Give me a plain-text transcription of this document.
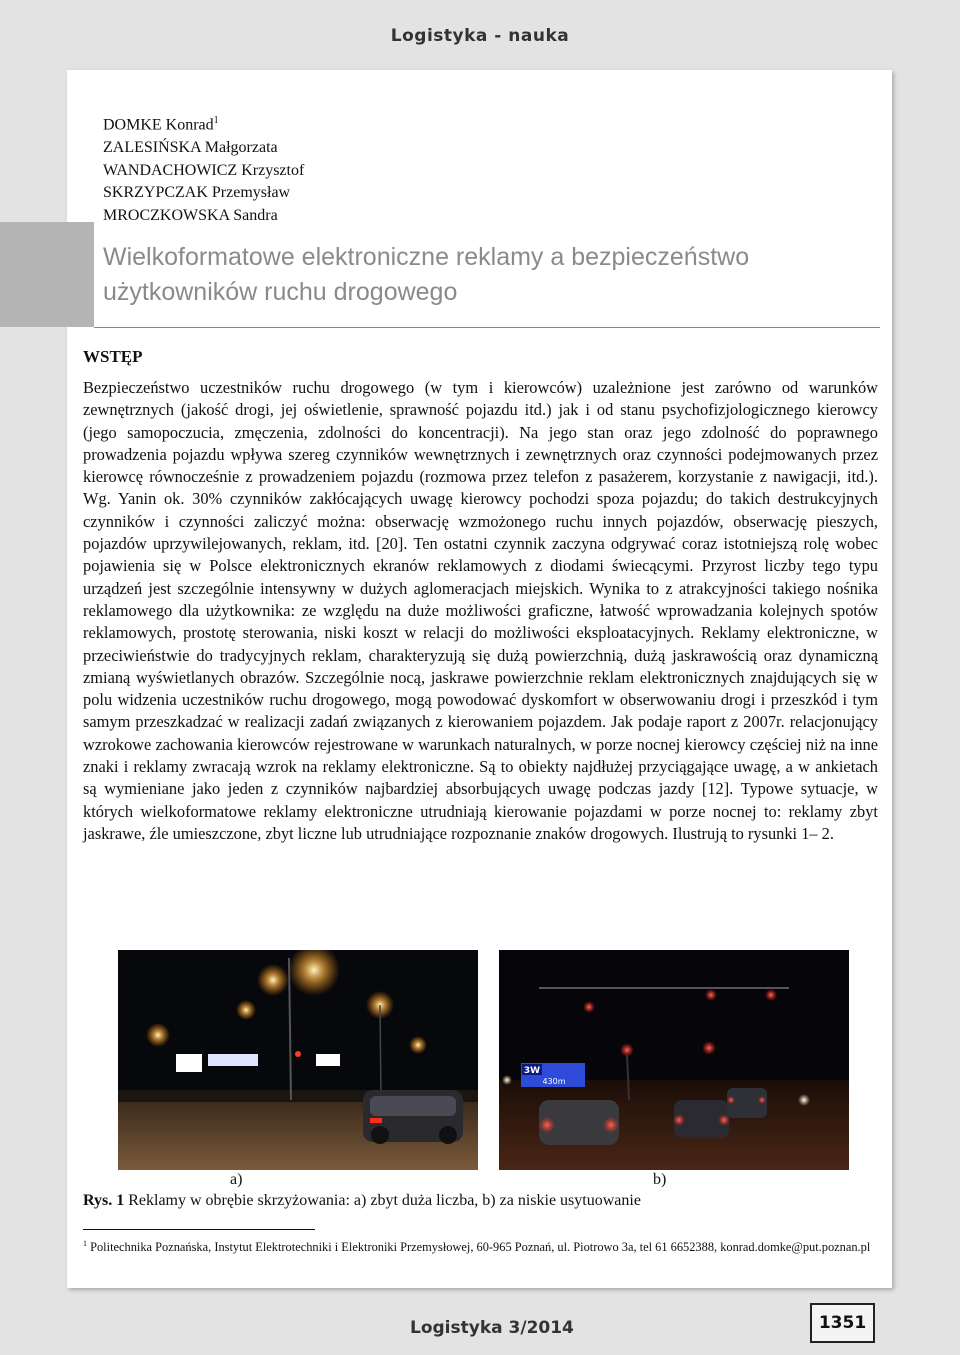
Logistyka - nauka
DOMKE Konrad$^1$
ZALESIŃSKA Małgorzata
WANDACHOWICZ Krzysztof
SKRZYPCZAK Przemysław
MROCZKOWSKA Sandra
Wielkoformatowe elektroniczne reklamy a bezpieczeństwo użytkowników ruchu drogowego
WSTĘP

Bezpieczeństwo uczestników ruchu drogowego (w tym i kierowców) uzależnione jest zarówno od warunków zewnętrznych (jakość drogi, jej oświetlenie, sprawność pojazdu itd.) jak i od stanu psychofizjologicznego kierowcy (jego samopoczucia, zmęczenia, zdolności do koncentracji). Na jego stan oraz jego zdolność do poprawnego prowadzenia pojazdu wpływa szereg czynników wewnętrznych i zewnętrznych oraz czynności podejmowanych przez kierowcę równocześnie z prowadzeniem pojazdu (rozmowa przez telefon z pasażerem, korzystanie z nawigacji, itd.). Wg. Yanin ok. 30% czynników zakłócających uwagę kierowcy pochodzi spoza pojazdu; do takich destrukcyjnych czynników i czynności zaliczyć można: obserwację wzmożonego ruchu innych pojazdów, obserwację pieszych, pojazdów uprzywilejowanych, reklam, itd. [20]. Ten ostatni czynnik zaczyna odgrywać coraz istotniejszą rolę wobec pojawienia się w Polsce elektronicznych ekranów reklamowych z diodami świecącymi. Przyrost liczby tego typu urządzeń jest szczególnie intensywny w dużych aglomeracjach miejskich. Wynika to z atrakcyjności takiego nośnika reklamowego dla użytkownika: ze względu na duże możliwości graficzne, łatwość wprowadzania kolejnych spotów reklamowych, prostotę sterowania, niski koszt w relacji do możliwości eksploatacyjnych. Reklamy elektroniczne, w przeciwieństwie do tradycyjnych reklam, charakteryzują się dużą powierzchnią, dużą jaskrawością oraz dynamiczną zmianą wyświetlanych obrazów. Szczególnie nocą, jaskrawe powierzchnie reklam elektronicznych znajdujących się w polu widzenia uczestników ruchu drogowego, mogą powodować dyskomfort w obserwowaniu drogi i przeszkód i tym samym przeszkadzać w realizacji zadań związanych z kierowaniem pojazdem. Jak podaje raport z 2007r. relacjonujący wzrokowe zachowania kierowców rejestrowane w warunkach naturalnych, w porze nocnej kierowcy częściej niż na inne znaki i reklamy zwracają wzrok na reklamy elektroniczne. Są to obiekty najdłużej przyciągające uwagę, a w ankietach są wymieniane jako jeden z czynników najbardziej absorbujących uwagę podczas jazdy [12]. Typowe sytuacje, w których wielkoformatowe reklamy elektroniczne utrudniają kierowanie pojazdami w porze nocnej to: reklamy zbyt jaskrawe, źle umieszczone, zbyt liczne lub utrudniające rozpoznanie znaków drogowych. Ilustrują to rysunki 1– 2.

3W
430m
a)	b)
Rys. 1 Reklamy w obrębie skrzyżowania: a) zbyt duża liczba, b) za niskie usytuowanie
$^1$ Politechnika Poznańska, Instytut Elektrotechniki i Elektroniki Przemysłowej, 60-965 Poznań, ul. Piotrowo 3a, tel 61 6652388, konrad.domke@put.poznan.pl
Logistyka 3/2014	1351
